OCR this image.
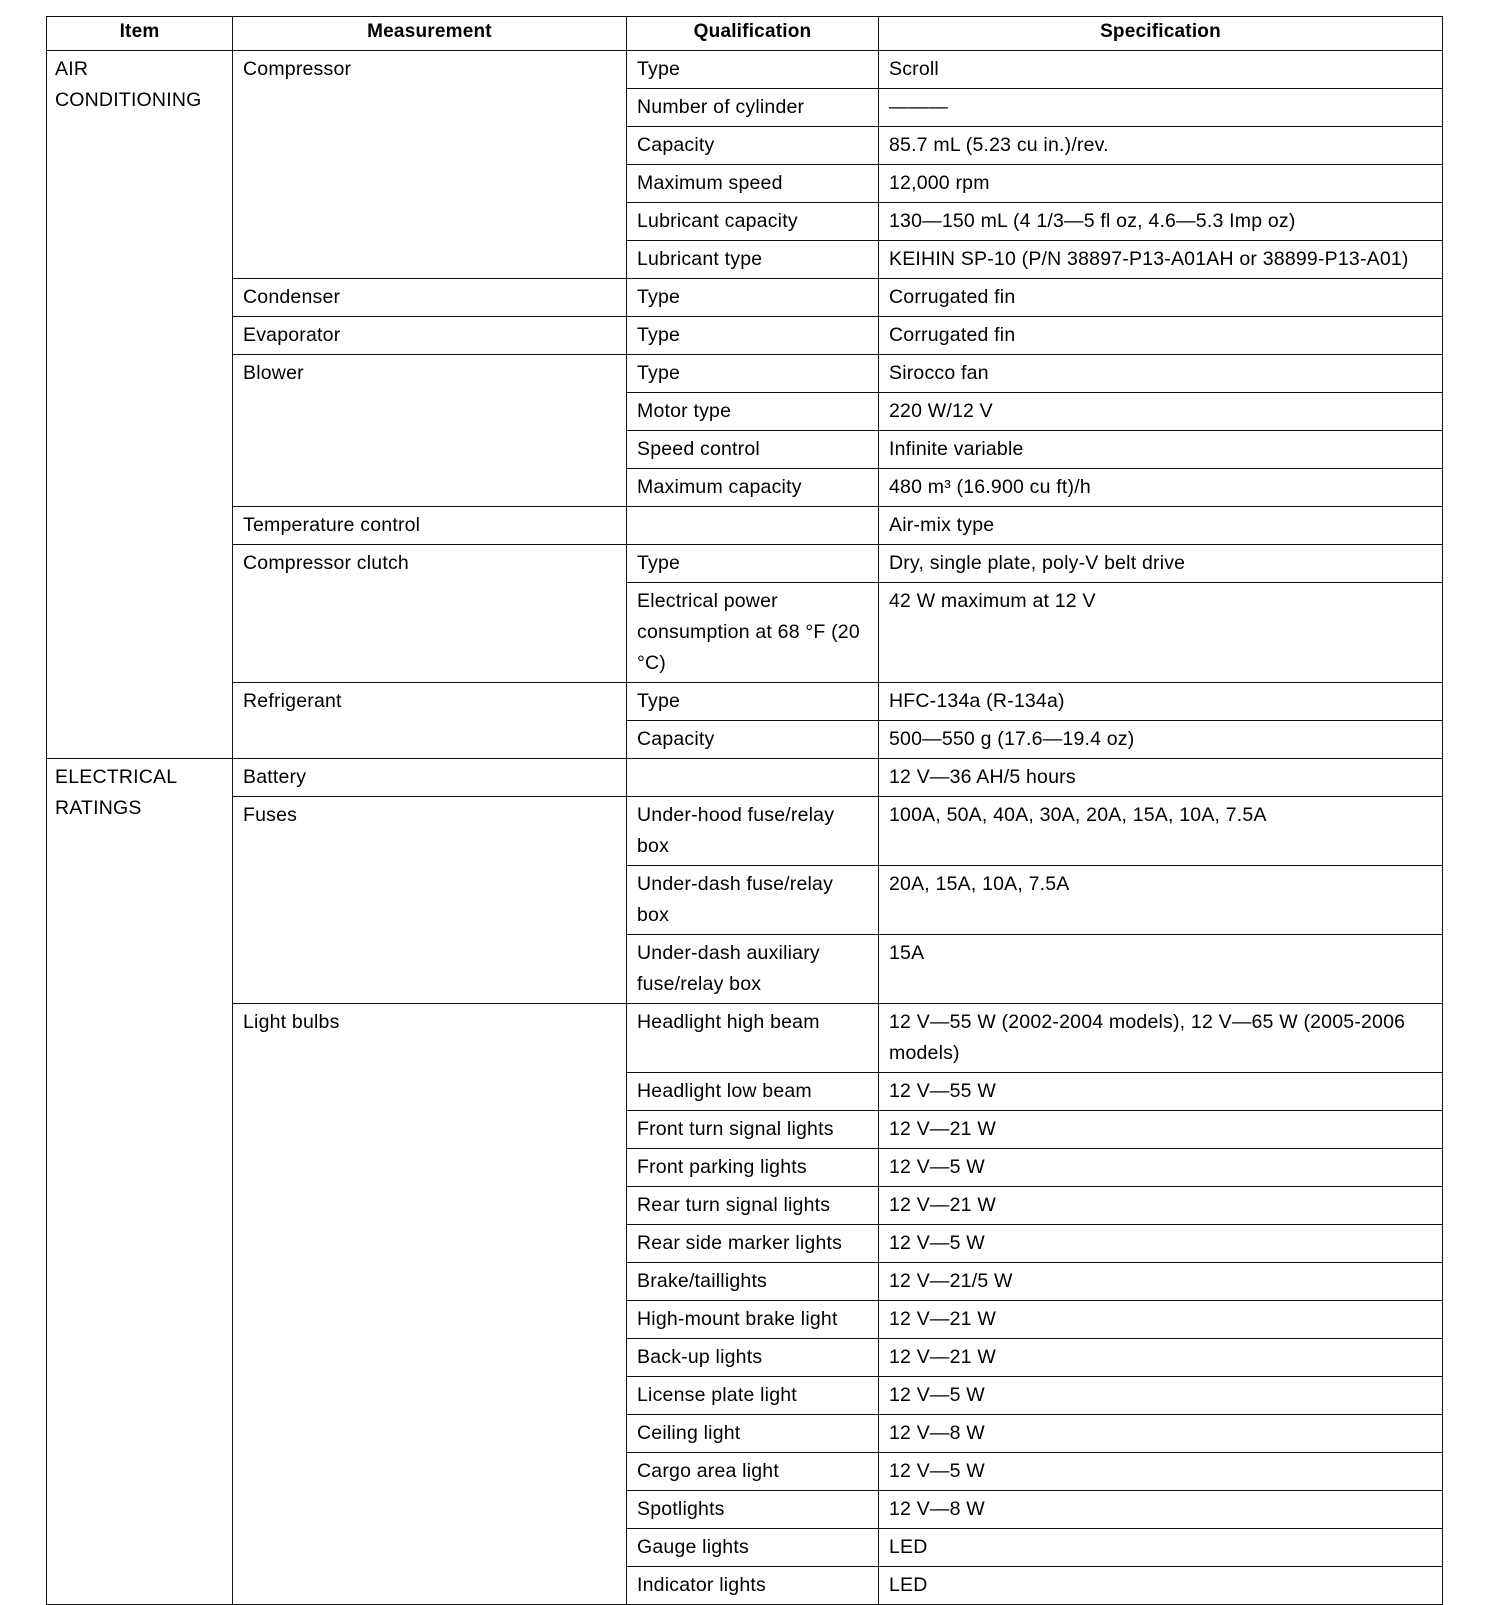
Item	Measurement	Qualification	Specification
AIR CONDITIONING	Compressor	Type	Scroll
		Number of cylinder	———
		Capacity	85.7 mL (5.23 cu in.)/rev.
		Maximum speed	12,000 rpm
		Lubricant capacity	130—150 mL (4 1/3—5 fl oz, 4.6—5.3 Imp oz)
		Lubricant type	KEIHIN SP-10 (P/N 38897-P13-A01AH or 38899-P13-A01)
	Condenser	Type	Corrugated fin
	Evaporator	Type	Corrugated fin
	Blower	Type	Sirocco fan
		Motor type	220 W/12 V
		Speed control	Infinite variable
		Maximum capacity	480 m³ (16.900 cu ft)/h
	Temperature control		Air-mix type
	Compressor clutch	Type	Dry, single plate, poly-V belt drive
		Electrical power consumption at 68 °F (20 °C)	42 W maximum at 12 V
	Refrigerant	Type	HFC-134a (R-134a)
		Capacity	500—550 g (17.6—19.4 oz)
ELECTRICAL RATINGS	Battery		12 V—36 AH/5 hours
	Fuses	Under-hood fuse/relay box	100A, 50A, 40A, 30A, 20A, 15A, 10A, 7.5A
		Under-dash fuse/relay box	20A, 15A, 10A, 7.5A
		Under-dash auxiliary fuse/relay box	15A
	Light bulbs	Headlight high beam	12 V—55 W (2002-2004 models), 12 V—65 W (2005-2006 models)
		Headlight low beam	12 V—55 W
		Front turn signal lights	12 V—21 W
		Front parking lights	12 V—5 W
		Rear turn signal lights	12 V—21 W
		Rear side marker lights	12 V—5 W
		Brake/taillights	12 V—21/5 W
		High-mount brake light	12 V—21 W
		Back-up lights	12 V—21 W
		License plate light	12 V—5 W
		Ceiling light	12 V—8 W
		Cargo area light	12 V—5 W
		Spotlights	12 V—8 W
		Gauge lights	LED
		Indicator lights	LED
